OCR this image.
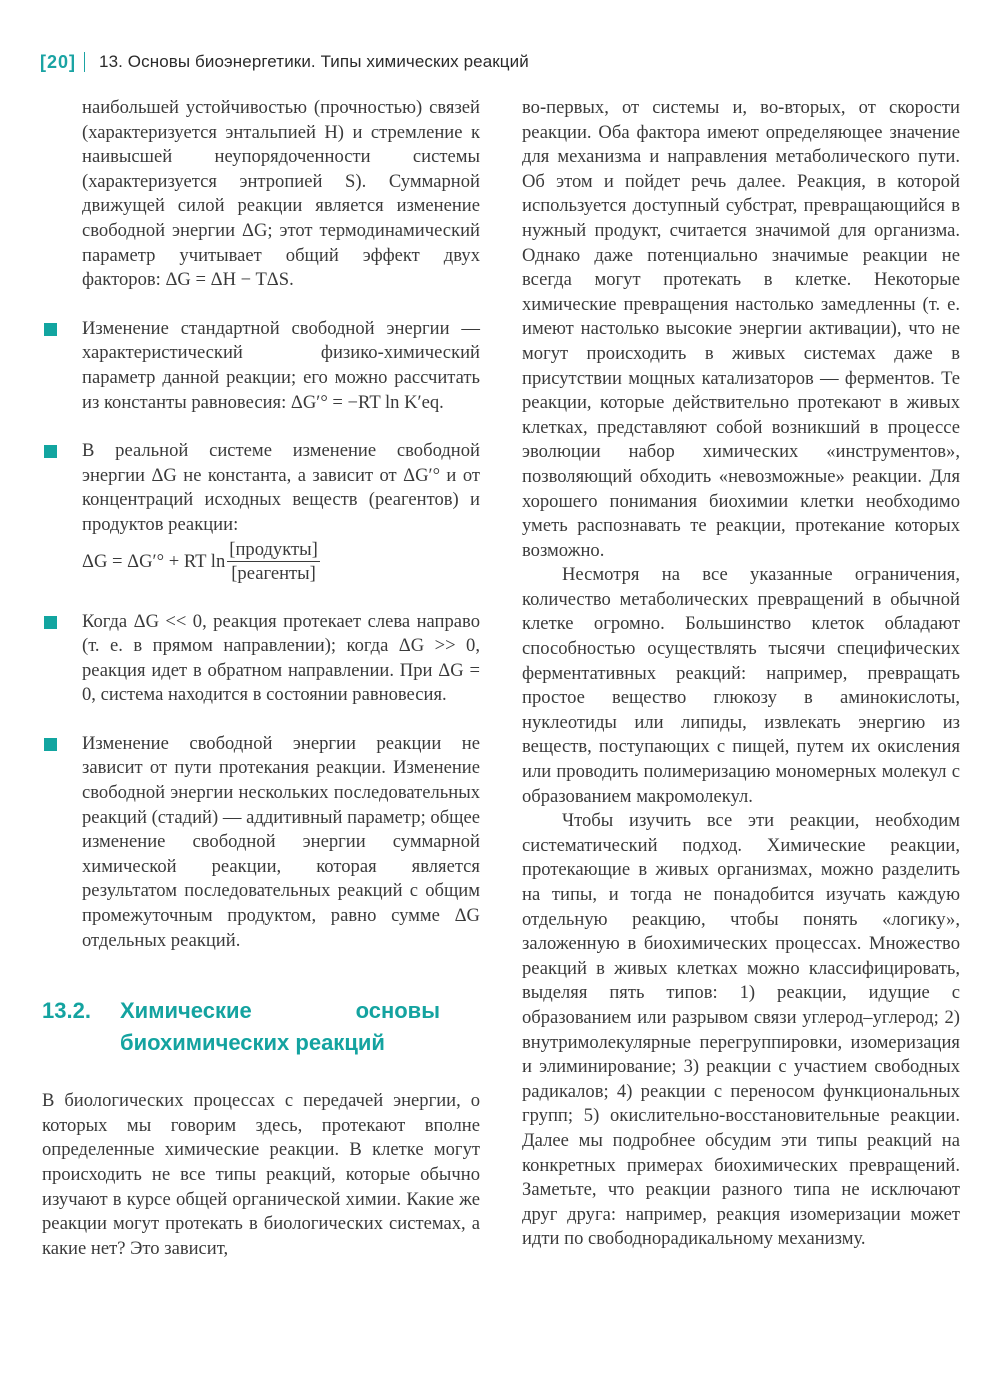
[20] 13. Основы биоэнергетики. Типы химических реакций

наибольшей устойчивостью (прочностью) связей (характеризуется энтальпией H) и стремление к наивысшей неупорядоченности системы (характеризуется энтропией S). Суммарной движущей силой реакции является изменение свободной энергии ΔG; этот термодинамический параметр учитывает общий эффект двух факторов: ΔG = ΔH − TΔS.

Изменение стандартной свободной энергии — характеристический физико-химический параметр данной реакции; его можно рассчитать из константы равновесия: ΔG′° = −RT ln K′eq.

В реальной системе изменение свободной энергии ΔG не константа, а зависит от ΔG′° и от концентраций исходных веществ (реагентов) и продуктов реакции:

ΔG = ΔG′° + RT $\ln \frac{\text{[продукты]}}{\text{[реагенты]}}$

Когда ΔG << 0, реакция протекает слева направо (т. е. в прямом направлении); когда ΔG >> 0, реакция идет в обратном направлении. При ΔG = 0, система находится в состоянии равновесия.

Изменение свободной энергии реакции не зависит от пути протекания реакции. Изменение свободной энергии нескольких последовательных реакций (стадий) — аддитивный параметр; общее изменение свободной энергии суммарной химической реакции, которая является результатом последовательных реакций с общим промежуточным продуктом, равно сумме ΔG отдельных реакций.

13.2.	Химические основы биохимических реакций

В биологических процессах с передачей энергии, о которых мы говорим здесь, протекают вполне определенные химические реакции. В клетке могут происходить не все типы реакций, которые обычно изучают в курсе общей органической химии. Какие же реакции могут протекать в биологических системах, а какие нет? Это зависит,

во-первых, от системы и, во-вторых, от скорости реакции. Оба фактора имеют определяющее значение для механизма и направления метаболического пути. Об этом и пойдет речь далее. Реакция, в которой используется доступный субстрат, превращающийся в нужный продукт, считается значимой для организма. Однако даже потенциально значимые реакции не всегда могут протекать в клетке. Некоторые химические превращения настолько замедленны (т. е. имеют настолько высокие энергии активации), что не могут происходить в живых системах даже в присутствии мощных катализаторов — ферментов. Те реакции, которые действительно протекают в живых клетках, представляют собой возникший в процессе эволюции набор химических «инструментов», позволяющий обходить «невозможные» реакции. Для хорошего понимания биохимии клетки необходимо уметь распознавать те реакции, протекание которых возможно.

Несмотря на все указанные ограничения, количество метаболических превращений в обычной клетке огромно. Большинство клеток обладают способностью осуществлять тысячи специфических ферментативных реакций: например, превращать простое вещество глюкозу в аминокислоты, нуклеотиды или липиды, извлекать энергию из веществ, поступающих с пищей, путем их окисления или проводить полимеризацию мономерных молекул с образованием макромолекул.

Чтобы изучить все эти реакции, необходим систематический подход. Химические реакции, протекающие в живых организмах, можно разделить на типы, и тогда не понадобится изучать каждую отдельную реакцию, чтобы понять «логику», заложенную в биохимических процессах. Множество реакций в живых клетках можно классифицировать, выделяя пять типов: 1) реакции, идущие с образованием или разрывом связи углерод–углерод; 2) внутримолекулярные перегруппировки, изомеризация и элиминирование; 3) реакции с участием свободных радикалов; 4) реакции с переносом функциональных групп; 5) окислительно-восстановительные реакции. Далее мы подробнее обсудим эти типы реакций на конкретных примерах биохимических превращений. Заметьте, что реакции разного типа не исключают друг друга: например, реакция изомеризации может идти по свободнорадикальному механизму.
